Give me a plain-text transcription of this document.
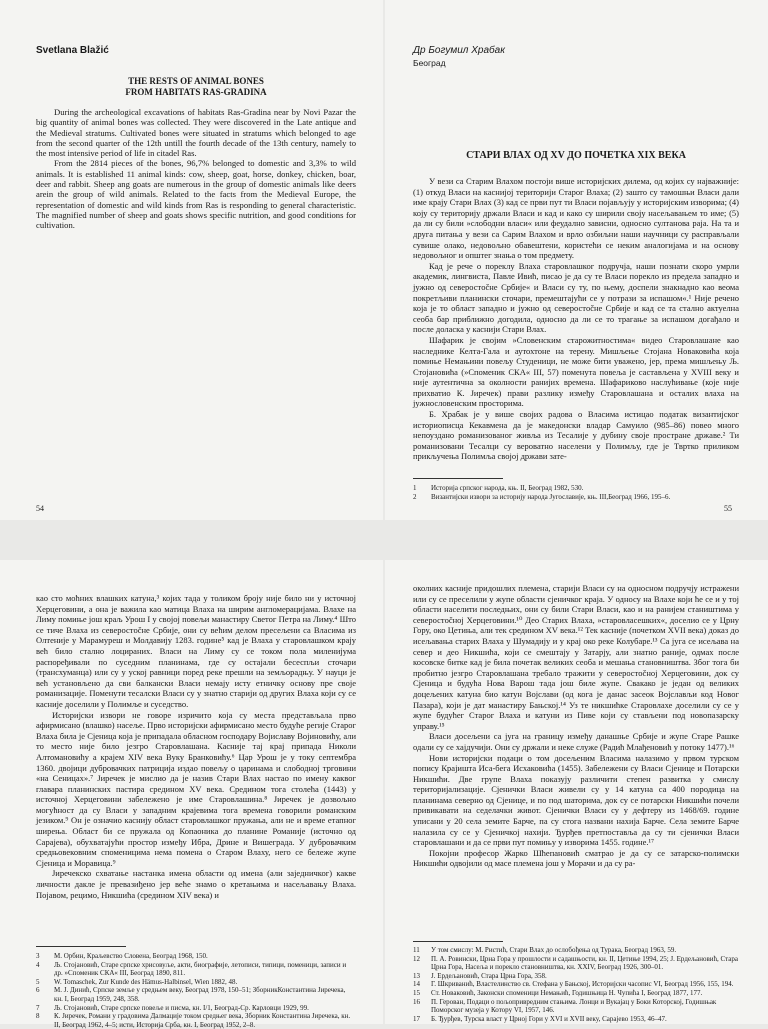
Svetlana Blažić
THE RESTS OF ANIMAL BONES
FROM HABITATS RAS-GRADINA

During the archeological excavations of habitats Ras-Gradina near by Novi Pazar the big quantity of animal bones was collected. They were discovered in the Late antique and the Medieval stratums. Cultivated bones were situated in stratums which belonged to age from the second quarter of the 12th untill the fourth decade of the 13th century, namely to the most intensive period of life in citadel Ras.

From the 2814 pieces of the bones, 96,7% belonged to domestic and 3,3% to wild animals. It is established 11 animal kinds: cow, sheep, goat, horse, donkey, chicken, boar, deer and rabbit. Sheep ang goats are numerous in the group of domestic animals like deers arein the group of wild animals. Related to the facts from the Medieval Europe, the representation of domestic and wild kinds from Ras is responding to general characteristic. The magnified number of sheep and goats shows specific nutrition, and good conditions for cultivation.

54
Др Богумил Храбак
Београд
СТАРИ ВЛАХ ОД XV ДО ПОЧЕТКА XIX ВЕКА

У вези са Старим Влахом постоји више историјских дилема, од којих су најважније: (1) откуд Власи на каснијој територији Старог Влаха; (2) зашто су тамошњи Власи дали име крају Стари Влах (3) кад се први пут ти Власи појављују у историјским изворима; (4) коју су територију држали Власи и кад и како су ширили своју насељавањем то име; (5) да ли су били »слободни власи« или феудално зависни, односно султанова раја. На та и друга питања у вези са Сарим Влахом и врло озбиљни наши научници су расправљали сувише олако, недовољно обавештени, користећи се неким аналогијама и на основу недовољног и општег знања о том предмету.

Кад је рече о пореклу Влаха старовлашког подручја, наши познати скоро умрли академик, лингвиста, Павле Ивић, писао је да су те Власи порекло из предела западно и јужно од северостočне Србије« и Власи су ту, по њему, доспели знакнадно као веома покретљиви планински сточари, премештајући се у потрази за испашом«.¹ Није речено која је то област западно и јужно од северостočне Србије и кад се та стално актуелна сеоба бар приближно догодила, односно да ли се то трагање за испашом догађало и после доласка у каснији Стари Влах.

Шафарик је својим »Словенским старожитностима« видео Старовлашане као наследнике Келта-Гала и аутохтоне на терену. Мишљење Стојана Новаковића која помиње Немањини повељу Студеници, не може бити уважено, јер, према мишљењу Љ. Стојановића (»Споменик СКА« III, 57) поменута повеља је састављена у XVIII веку и није аутентична за околности ранијих времена. Шафариково наслућивање (које није прихватио К. Јиречек) прави разлику између Старовлашана и осталих влаха на јужнословенским просторима.

Б. Храбак је у више својих радова о Власима истицао податак византијског историописца Кекавмена да је македонски владар Самуило (985–86) повео много непоуздано романизованог живља из Тесалије у дубину своје простране државе.² Ти романизовани Тесалци су вероватно населени у Полимљу, где је Твртко приликом прикључења Полимља својој држави зате-

1	Историја српског народа, књ. II, Београд 1982, 530.
2	Византијски извори за историју народа Југославије, књ. III,Београд 1966, 195–6.
55

као сто моћних влашких катуна,³ којих тада у толиком броју није било ни у источној Херцеговини, а она је важила као матица Влаха на ширим англомерацијама. Влахе на Лиму помиње још краљ Урош I у својој повељи манастиру Светог Петра на Лиму.⁴ Што се тиче Влаха из северостočне Србије, они су већим делом пресељени са Власима из Олтеније у Марамуреш и Молдавију 1283. године⁵ кад је Влаха у старовлашком крају већ било стално лоцираних. Власи на Лиму су се током пола миленијума распоређивали по суседним планинама, где су остајали бесеспљи сточари (трансхуманца) или су у уској равници поред реке прешли на земљорадњу. У науци је већ установљено да сви балкански Власи немају исту етничку основу пре своје романизације. Поменути тесалски Власи су у знатно старији од других Влаха који су се касније доселили у Полимље и суседство.

Историјски извори не говоре изричито која су места представљала прво афирмисано (влашко) насеље. Прво историјски афирмисано место будуће регије Старог Влаха била је Сјеница која је припадала обласном господару Војиславу Војиновићу, али то место није било језгро Старовлашана. Касније тај крај припада Николи Алтомановићу а крајем XIV века Вуку Бранковићу.⁶ Цар Урош је у току септембра 1360. двојици дубровачких патриција издао повељу о царинама и слободној трговини «на Сеницах».⁷ Јиречек је мислио да је назив Стари Влах настао по имену каквог главара планинских пастира средином XV века. Средином тога столећа (1443) у источној Херцеговини забележено је име Старовлашина.⁸ Јиречек је дозвољно могућност да су Власи у западним крајевима тога времена говорили романским језиком.⁹ Он је означио каснију област старовлашког пружања, али не и време етапног ширења. Област би се пружала од Копаоника до планине Романије (источно од Сарајева), обухватајући простор између Ибра, Дрине и Вишеграда. У дубровачким средњовековним споменицима нема помена о Старом Влаху, него се бележе жупе Сјеница и Моравица.⁹

Јиречекско схватање настанка имена области од имена (али заједничког) какве личности дакле је превазиђено јер веће знамо о кретањима и насељавању Влаха. Појавом, рецимо, Никшића (средином XIV века) и

3	М. Орбин, Краљевство Словена, Београд 1968, 150.
4	Љ. Стојановић, Старе српске хрисовуље, акти, биографије, летописи, типици, поменици, записи и др. »Споменик СКА« III, Београд 1890, 811.
5	W. Tomaschek, Zur Kunde des Hämus-Halbinsel, Wien 1882, 48.
6	М. J. Динић, Српске земље у средњем веку, Београд 1978, 150–51; ЗборникКонстантина Јиречека, кн. I, Београд 1959, 248, 358.
7	Љ. Стојановић, Старе српске повеље и писма, кн. I/1, Београд-Ср. Карловци 1929, 99.
8	К. Јиречек, Романи у градовима Далмације током средњег века, Зборник Константина Јиречека, кн. II, Београд 1962, 4–5; исти, Историја Срба, кн. I, Београд 1952, 2–8.

околних касније придошлих племена, старији Власи су на односном подручју истражени или су се преселили у жупе области сјеничког краја. У односу на Влахе који ће се и у тој области населити последњих, они су били Стари Власи, као и на ранијем стаништима у северостočној Херцеговини.¹⁰ Део Старих Влаха, »старовласешких«, доселио се у Црну Гору, око Цетиња, али тек средином XV века.¹² Тек касније (почетком XVII века) доказ до исељавања старих Влаха у Шумадију и у крај око реке Колубаре.¹³ Са југа се исељава на север и део Никшића, који се смештају у Затарју, али знатно раније, одмах после косовске битке кад је била почетак великих сеоба и мешања становништва. Због тога би пробитно језгро Старовлашана требало тражити у северостočној Херцеговини, док су Сјеница и будућа Нова Варош тада још биле жупе. Свакако је један од великих доцељених катуна био катун Војслави (од кога је данас засеок Војслављи код Новог Пазара), који је дат манастиру Бањској.¹⁴ Уз те никшићке Старовлахе доселили су се у жупе будућег Старог Влаха и катуни из Пиве који су стављени под новопазарску управу.¹⁵

Власи досељени са југа на границу између данашње Србије и жупе Старе Рашке одали су се хајдучији. Они су држали и неке служе (Радић Млађеновић у потоку 1477).¹⁶

Нови историјски подаци о том досељеним Власима налазимо у првом турском попису Крајишта Иса-бега Исхаковића (1455). Забележени су Власи Сјенице и Потарски Никшићи. Две групе Влаха показују различити степен развитка у смислу територијализације. Сјенички Власи живели су у 14 катуна са 400 породица на планинама северно од Сјенице, и по под шаторима, док су се потарски Никшићи почели привикавати на седелачки живот. Сјенички Власи су у дефтеру из 1468/69. године уписани у 20 села земите Барче, па су стога названи нахија Барче. Села земите Барче налазила су се у Сјеничкој нахији. Ђурђев претпоставља да су ти сјенички Власи старовлашани и да се први пут помињу у изворима 1455. године.¹⁷

Покојни професор Жарко Шћепановић сматрао је да су се затарско-полимски Никшићи одвојили од масе племена још у Морачи и да су ра-

11	У том смислу: М. Ристић, Стари Влах до ослобођења од Турака, Београд 1963, 59.
12	П. А. Ровински, Црна Гора у прошлости и садашњости, кн. II, Цетиње 1994, 25; J. Ердељановић, Стара Црна Гора, Насеља и порекло становништва, кн. XXIV, Београд 1926, 300–01.
13	J. Ердељановић, Стара Црна Гора, 358.
14	Г. Шкриванић, Властелинство св. Стефана у Бањској, Историјски часопис VI, Београд 1956, 155, 194.
15	Ст. Новаковић, Законски споменици Немањић, Годишњица Н. Чупића I, Београд 1877, 177.
16	П. Герован, Подаци о пољопривредним стањима. Лонци и Вукајац у Боки Которској, Годишњак Поморског музеја у Котору VI, 1957, 146.
17	Б. Ђурђев, Турска власт у Црној Гори у XVI и XVII веку, Сарајево 1953, 46–47.
